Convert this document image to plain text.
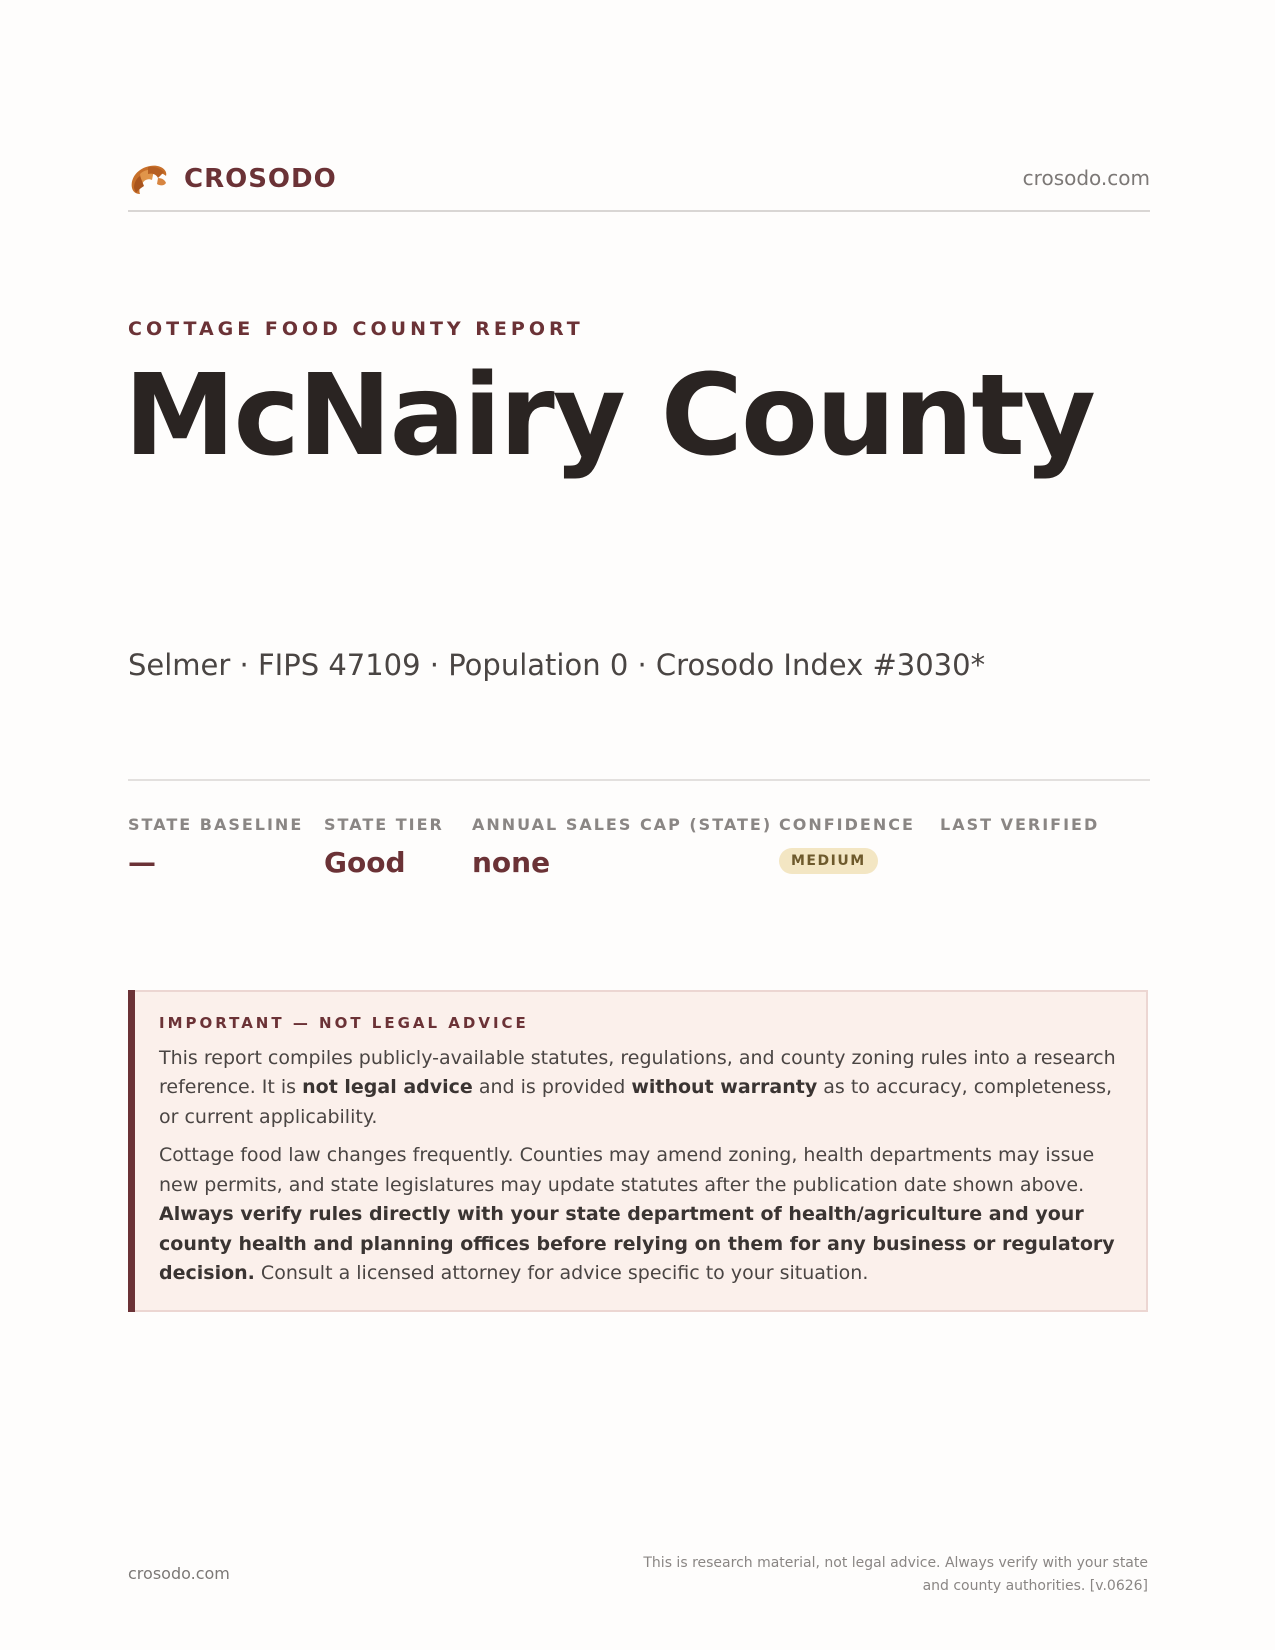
CROSODO	crosodo.com
COTTAGE FOOD COUNTY REPORT
McNairy County
Selmer · FIPS 47109 · Population 0 · Crosodo Index #3030*
STATE BASELINE
—
STATE TIER
Good
ANNUAL SALES CAP (STATE)
none
CONFIDENCE
MEDIUM
LAST VERIFIED
IMPORTANT — NOT LEGAL ADVICE

This report compiles publicly-available statutes, regulations, and county zoning rules into a research reference. It is not legal advice and is provided without warranty as to accuracy, completeness, or current applicability.

Cottage food law changes frequently. Counties may amend zoning, health departments may issue new permits, and state legislatures may update statutes after the publication date shown above. Always verify rules directly with your state department of health/agriculture and your county health and planning offices before relying on them for any business or regulatory decision. Consult a licensed attorney for advice specific to your situation.

crosodo.com
This is research material, not legal advice. Always verify with your state
and county authorities. [v.0626]
